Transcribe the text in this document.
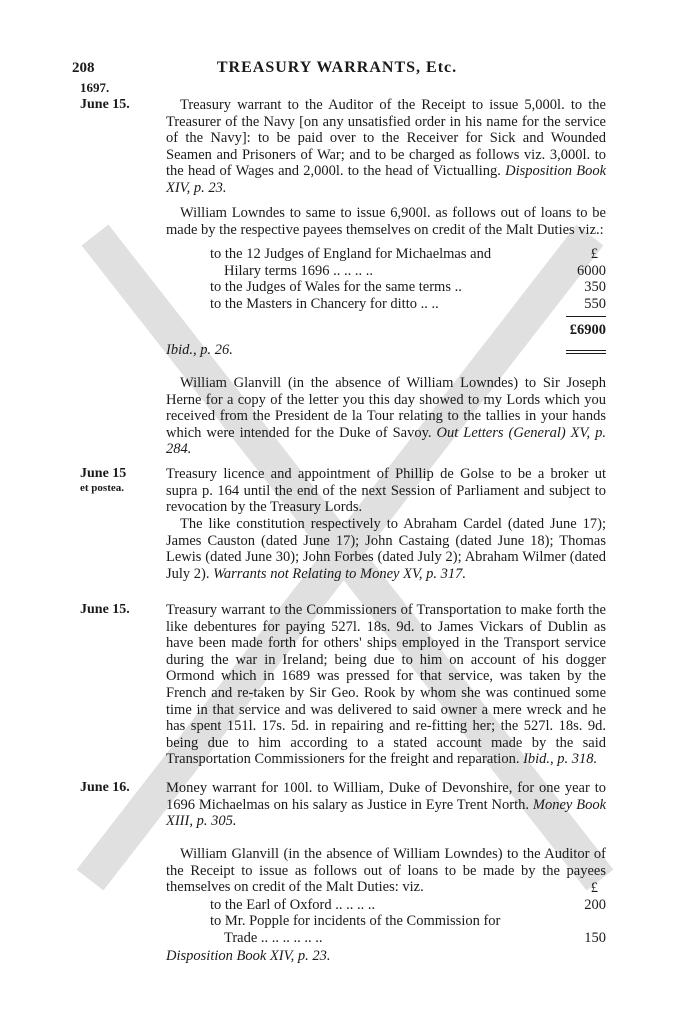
208	TREASURY WARRANTS, Etc.
1697.
June 15.	Treasury warrant to the Auditor of the Receipt to issue 5,000l. to the Treasurer of the Navy [on any unsatisfied order in his name for the service of the Navy]: to be paid over to the Receiver for Sick and Wounded Seamen and Prisoners of War; and to be charged as follows viz. 3,000l. to the head of Wages and 2,000l. to the head of Victualling. Disposition Book XIV, p. 23.
William Lowndes to same to issue 6,900l. as follows out of loans to be made by the respective payees themselves on credit of the Malt Duties viz.:
to the 12 Judges of England for Michaelmas and	£
Hilary terms 1696 .. .. .. ..	6000
to the Judges of Wales for the same terms ..	350
to the Masters in Chancery for ditto .. ..	550
£6900
Ibid., p. 26.
William Glanvill (in the absence of William Lowndes) to Sir Joseph Herne for a copy of the letter you this day showed to my Lords which you received from the President de la Tour relating to the tallies in your hands which were intended for the Duke of Savoy. Out Letters (General) XV, p. 284.
June 15
et postea.
Treasury licence and appointment of Phillip de Golse to be a broker ut supra p. 164 until the end of the next Session of Parliament and subject to revocation by the Treasury Lords.
The like constitution respectively to Abraham Cardel (dated June 17); James Causton (dated June 17); John Castaing (dated June 18); Thomas Lewis (dated June 30); John Forbes (dated July 2); Abraham Wilmer (dated July 2). Warrants not Relating to Money XV, p. 317.
June 15. Treasury warrant to the Commissioners of Transportation to make forth the like debentures for paying 527l. 18s. 9d. to James Vickars of Dublin as have been made forth for others' ships employed in the Transport service during the war in Ireland; being due to him on account of his dogger Ormond which in 1689 was pressed for that service, was taken by the French and re-taken by Sir Geo. Rook by whom she was continued some time in that service and was delivered to said owner a mere wreck and he has spent 151l. 17s. 5d. in repairing and re-fitting her; the 527l. 18s. 9d. being due to him according to a stated account made by the said Transportation Commissioners for the freight and reparation. Ibid., p. 318.
June 16. Money warrant for 100l. to William, Duke of Devonshire, for one year to 1696 Michaelmas on his salary as Justice in Eyre Trent North. Money Book XIII, p. 305.
William Glanvill (in the absence of William Lowndes) to the Auditor of the Receipt to issue as follows out of loans to be made by the payees themselves on credit of the Malt Duties: viz.	£
to the Earl of Oxford .. .. .. ..	200
to Mr. Popple for incidents of the Commission for
Trade .. .. .. .. .. ..	150
Disposition Book XIV, p. 23.
